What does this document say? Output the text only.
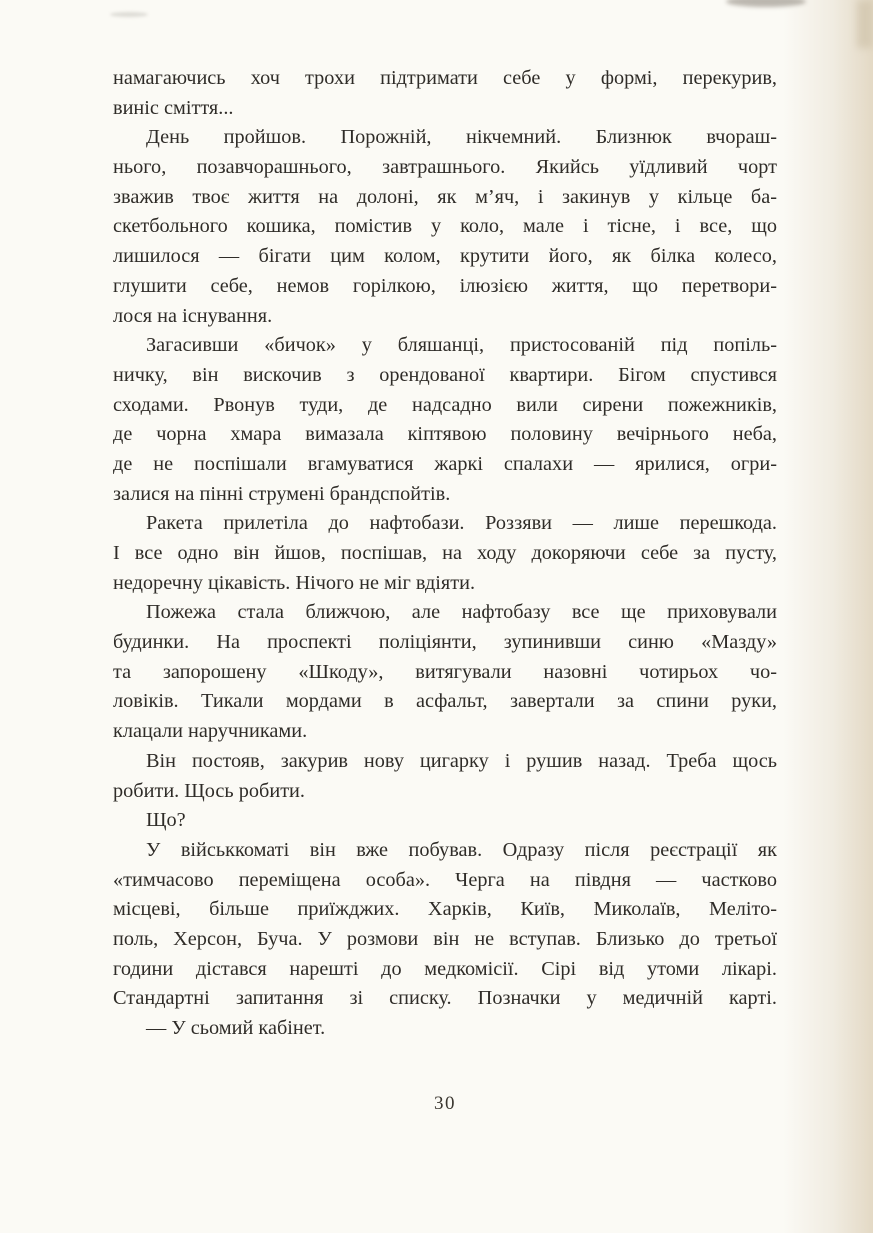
намагаючись хоч трохи підтримати себе у формі, перекурив,
виніс сміття...
День пройшов. Порожній, нікчемний. Близнюк вчораш-
нього, позавчорашнього, завтрашнього. Якийсь уїдливий чорт
зважив твоє життя на долоні, як м’яч, і закинув у кільце ба-
скетбольного кошика, помістив у коло, мале і тісне, і все, що
лишилося — бігати цим колом, крутити його, як білка колесо,
глушити себе, немов горілкою, ілюзією життя, що перетвори-
лося на існування.
Загасивши «бичок» у бляшанці, пристосованій під попіль-
ничку, він вискочив з орендованої квартири. Бігом спустився
сходами. Рвонув туди, де надсадно вили сирени пожежників,
де чорна хмара вимазала кіптявою половину вечірнього неба,
де не поспішали вгамуватися жаркі спалахи — ярилися, огри-
залися на пінні струмені брандспойтів.
Ракета прилетіла до нафтобази. Роззяви — лише перешкода.
І все одно він йшов, поспішав, на ходу докоряючи себе за пусту,
недоречну цікавість. Нічого не міг вдіяти.
Пожежа стала ближчою, але нафтобазу все ще приховували
будинки. На проспекті поліціянти, зупинивши синю «Мазду»
та запорошену «Шкоду», витягували назовні чотирьох чо-
ловіків. Тикали мордами в асфальт, завертали за спини руки,
клацали наручниками.
Він постояв, закурив нову цигарку і рушив назад. Треба щось
робити. Щось робити.
Що?
У військкоматі він вже побував. Одразу після реєстрації як
«тимчасово переміщена особа». Черга на півдня — частково
місцеві, більше приїжджих. Харків, Київ, Миколаїв, Меліто-
поль, Херсон, Буча. У розмови він не вступав. Близько до третьої
години дістався нарешті до медкомісії. Сірі від утоми лікарі.
Стандартні запитання зі списку. Позначки у медичній карті.
— У сьомий кабінет.
30
